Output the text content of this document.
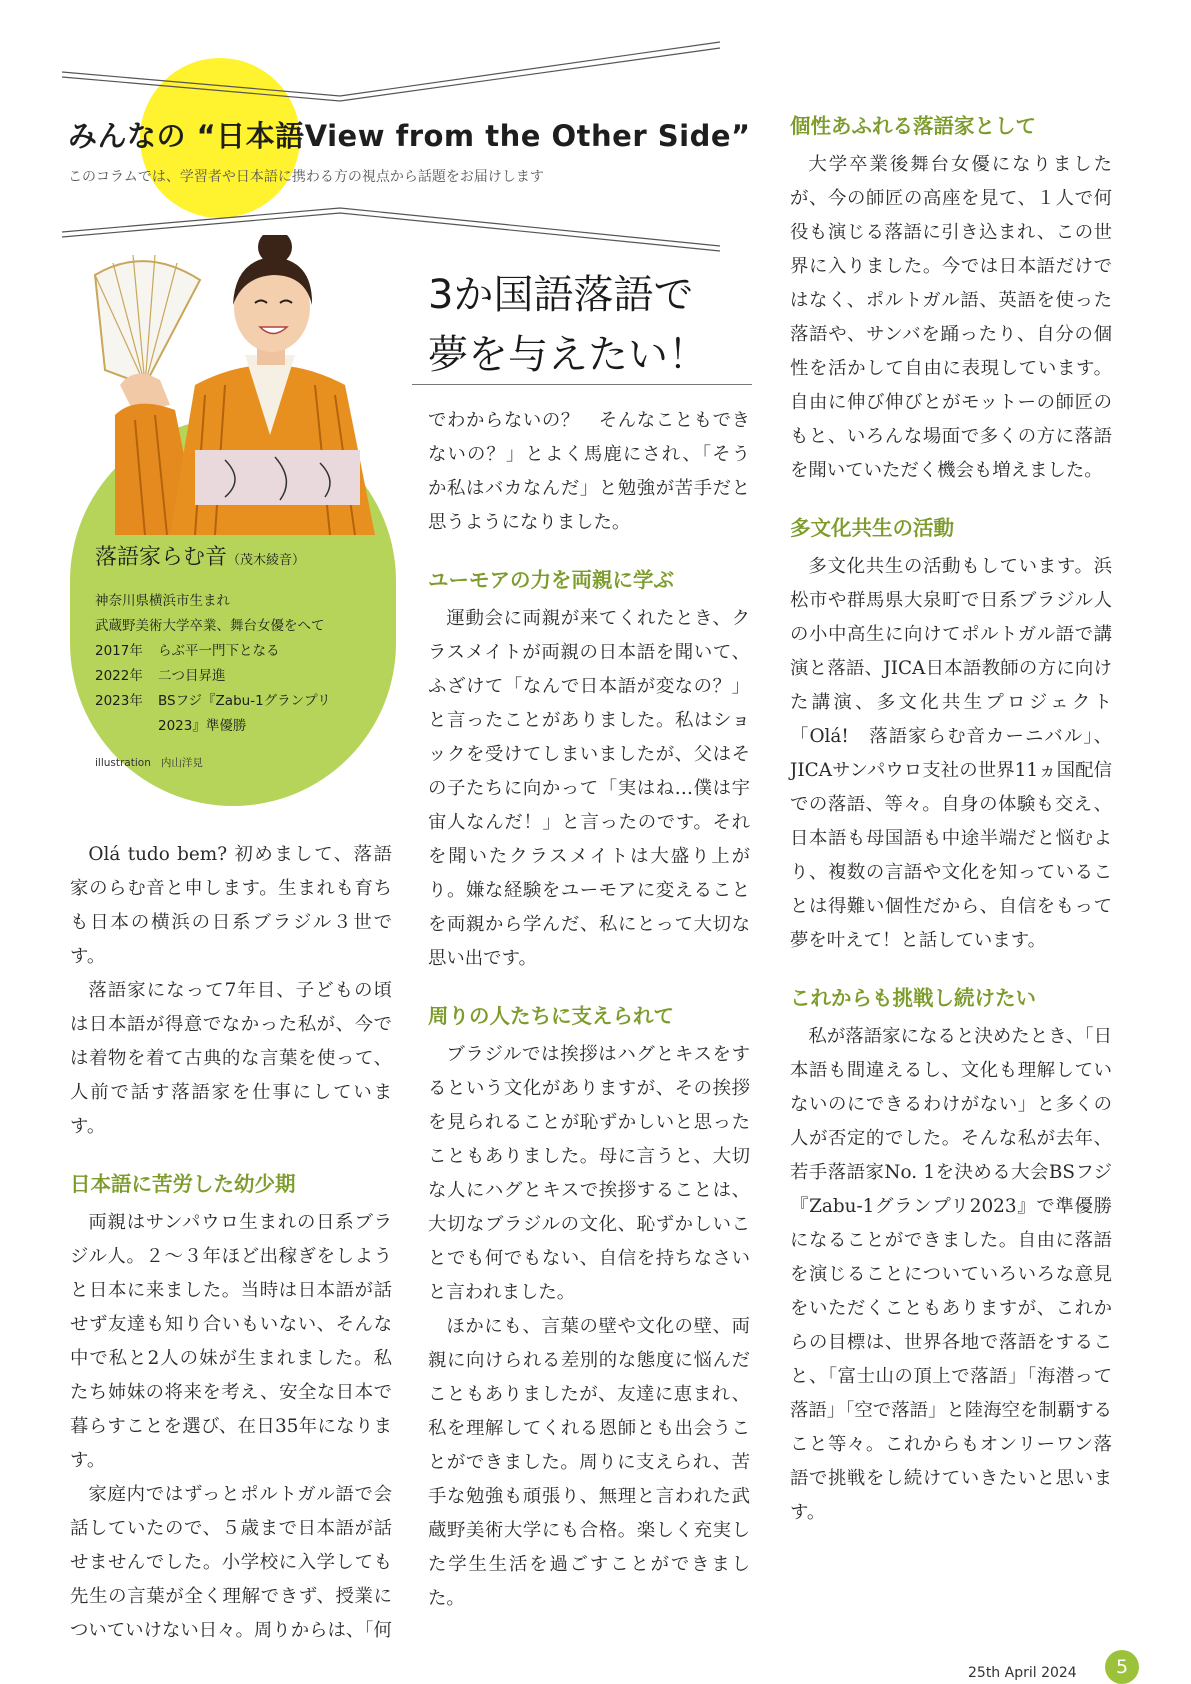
みんなの “日本語View from the Other Side”
このコラムでは、学習者や日本語に携わる方の視点から話題をお届けします
3か国語落語で
夢を与えたい！
落語家らむ音（茂木綾音）
神奈川県横浜市生まれ
武蔵野美術大学卒業、舞台女優をへて
2017年	らぶ平一門下となる
2022年	二つ目昇進
2023年	BSフジ『Zabu-1グランプリ2023』準優勝
illustration 内山洋見

Olá tudo bem? 初めまして、落語家のらむ音と申します。生まれも育ちも日本の横浜の日系ブラジル３世です。

落語家になって7年目、子どもの頃は日本語が得意でなかった私が、今では着物を着て古典的な言葉を使って、人前で話す落語家を仕事にしています。

日本語に苦労した幼少期

両親はサンパウロ生まれの日系ブラジル人。２～３年ほど出稼ぎをしようと日本に来ました。当時は日本語が話せず友達も知り合いもいない、そんな中で私と2人の妹が生まれました。私たち姉妹の将来を考え、安全な日本で暮らすことを選び、在日35年になります。

家庭内ではずっとポルトガル語で会話していたので、５歳まで日本語が話せませんでした。小学校に入学しても先生の言葉が全く理解できず、授業についていけない日々。周りからは、「何

でわからないの？　そんなこともできないの？」とよく馬鹿にされ、「そうか私はバカなんだ」と勉強が苦手だと思うようになりました。

ユーモアの力を両親に学ぶ

運動会に両親が来てくれたとき、クラスメイトが両親の日本語を聞いて、ふざけて「なんで日本語が変なの？」と言ったことがありました。私はショックを受けてしまいましたが、父はその子たちに向かって「実はね…僕は宇宙人なんだ！」と言ったのです。それを聞いたクラスメイトは大盛り上がり。嫌な経験をユーモアに変えることを両親から学んだ、私にとって大切な思い出です。

周りの人たちに支えられて

ブラジルでは挨拶はハグとキスをするという文化がありますが、その挨拶を見られることが恥ずかしいと思ったこともありました。母に言うと、大切な人にハグとキスで挨拶することは、大切なブラジルの文化、恥ずかしいことでも何でもない、自信を持ちなさいと言われました。

ほかにも、言葉の壁や文化の壁、両親に向けられる差別的な態度に悩んだこともありましたが、友達に恵まれ、私を理解してくれる恩師とも出会うことができました。周りに支えられ、苦手な勉強も頑張り、無理と言われた武蔵野美術大学にも合格。楽しく充実した学生生活を過ごすことができました。

個性あふれる落語家として

大学卒業後舞台女優になりましたが、今の師匠の高座を見て、１人で何役も演じる落語に引き込まれ、この世界に入りました。今では日本語だけではなく、ポルトガル語、英語を使った落語や、サンバを踊ったり、自分の個性を活かして自由に表現しています。自由に伸び伸びとがモットーの師匠のもと、いろんな場面で多くの方に落語を聞いていただく機会も増えました。

多文化共生の活動

多文化共生の活動もしています。浜松市や群馬県大泉町で日系ブラジル人の小中高生に向けてポルトガル語で講演と落語、JICA日本語教師の方に向けた講演、多文化共生プロジェクト「Olá!　落語家らむ音カーニバル」、JICAサンパウロ支社の世界11ヵ国配信での落語、等々。自身の体験も交え、日本語も母国語も中途半端だと悩むより、複数の言語や文化を知っていることは得難い個性だから、自信をもって夢を叶えて！と話しています。

これからも挑戦し続けたい

私が落語家になると決めたとき、「日本語も間違えるし、文化も理解していないのにできるわけがない」と多くの人が否定的でした。そんな私が去年、若手落語家No. 1を決める大会BSフジ『Zabu-1グランプリ2023』で準優勝になることができました。自由に落語を演じることについていろいろな意見をいただくこともありますが、これからの目標は、世界各地で落語をすること、「富士山の頂上で落語」「海潜って落語」「空で落語」と陸海空を制覇すること等々。これからもオンリーワン落語で挑戦をし続けていきたいと思います。

25th April 2024	5
